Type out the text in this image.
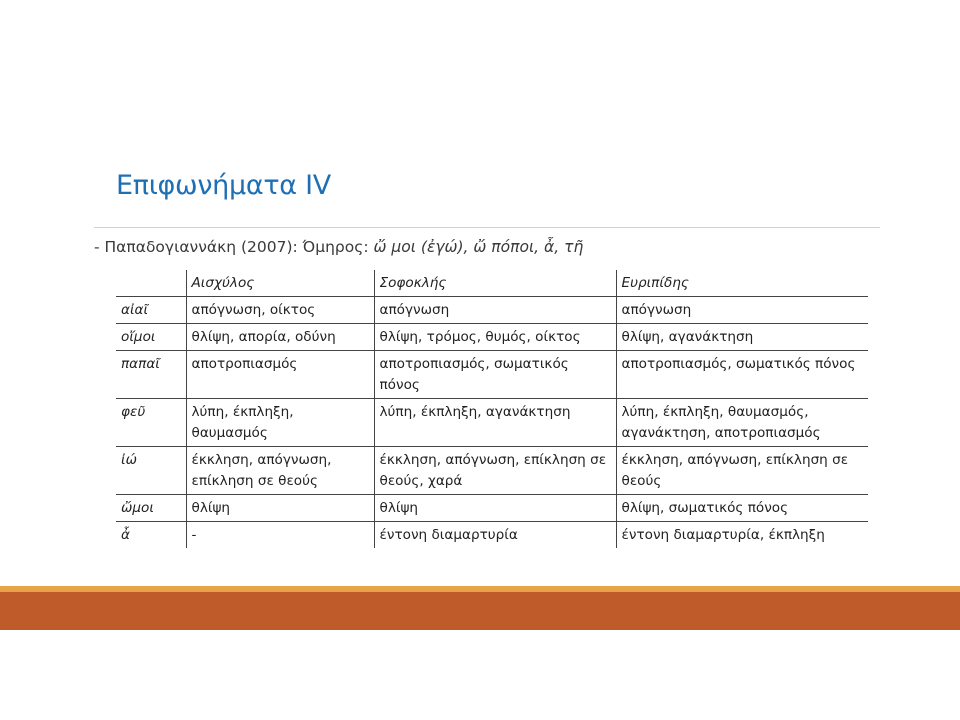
Επιφωνήματα IV
- Παπαδογιαννάκη (2007): Όμηρος: ὤ μοι (ἐγώ), ὤ πόποι, ἆ, τῆ
	Αισχύλος	Σοφοκλής	Ευριπίδης
αἰαῖ	απόγνωση, οίκτος	απόγνωση	απόγνωση
οἴμοι	θλίψη, απορία, οδύνη	θλίψη, τρόμος, θυμός, οίκτος	θλίψη, αγανάκτηση
παπαῖ	αποτροπιασμός	αποτροπιασμός, σωματικός πόνος	αποτροπιασμός, σωματικός πόνος
φεῦ	λύπη, έκπληξη, θαυμασμός	λύπη, έκπληξη, αγανάκτηση	λύπη, έκπληξη, θαυμασμός, αγανάκτηση, αποτροπιασμός
ἰώ	έκκληση, απόγνωση, επίκληση σε θεούς	έκκληση, απόγνωση, επίκληση σε θεούς, χαρά	έκκληση, απόγνωση, επίκληση σε θεούς
ὤμοι	θλίψη	θλίψη	θλίψη, σωματικός πόνος
ἆ	-	έντονη διαμαρτυρία	έντονη διαμαρτυρία, έκπληξη
